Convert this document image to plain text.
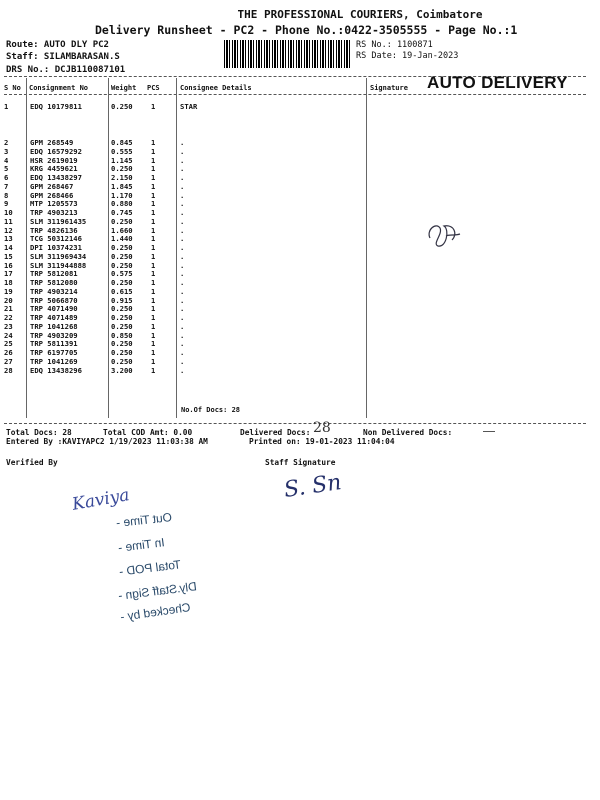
THE PROFESSIONAL COURIERS, Coimbatore
Delivery Runsheet - PC2 - Phone No.:0422-3505555 - Page No.:1
Route: AUTO DLY PC2
Staff: SILAMBARASAN.S
DRS No.: DCJB110087101
RS No.: 1100871
RS Date: 19-Jan-2023
S No Consignment No	Weight PCS	Consignee Details	Signature AUTO DELIVERY
1	EDQ 10179811	0.250	1	STAR
2	GPM 268549	0.845	1	.
3	EDQ 16579292	0.555	1	.
4	HSR 2619019	1.145	1	.
5	KRG 4459621	0.250	1	.
6	EDQ 13438297	2.150	1	.
7	GPM 268467	1.845	1	.
8	GPM 268466	1.170	1	.
9	MTP 1205573	0.880	1	.
10 TRP 4903213	0.745	1	.
11 SLM 311961435	0.250	1	.
12 TRP 4826136	1.660	1	.
13 TCG 50312146	1.440	1	.
14 DPI 10374231	0.250	1	.
15 SLM 311969434	0.250	1	.
16 SLM 311944888	0.250	1	.
17 TRP 5812081	0.575	1	.
18 TRP 5812080	0.250	1	.
19 TRP 4903214	0.615	1	.
20 TRP 5066870	0.915	1	.
21 TRP 4071490	0.250	1	.
22 TRP 4071489	0.250	1	.
23 TRP 1041268	0.250	1	.
24 TRP 4903209	0.850	1	.
25 TRP 5811391	0.250	1	.
26 TRP 6197705	0.250	1	.
27 TRP 1041269	0.250	1	.
28 EDQ 13438296	3.200	1	.
No.Of Docs: 28
Total Docs: 28	Total COD Amt: 0.00	Delivered Docs: 28	Non Delivered Docs:
Entered By :KAVIYAPC2 1/19/2023 11:03:38 AM	Printed on: 19-01-2023 11:04:04
Verified By	Staff Signature
Kaviya	S. Sn
Out Time -
In Time -
Total POD -
Dly.Staff Sign -
Checked by -
